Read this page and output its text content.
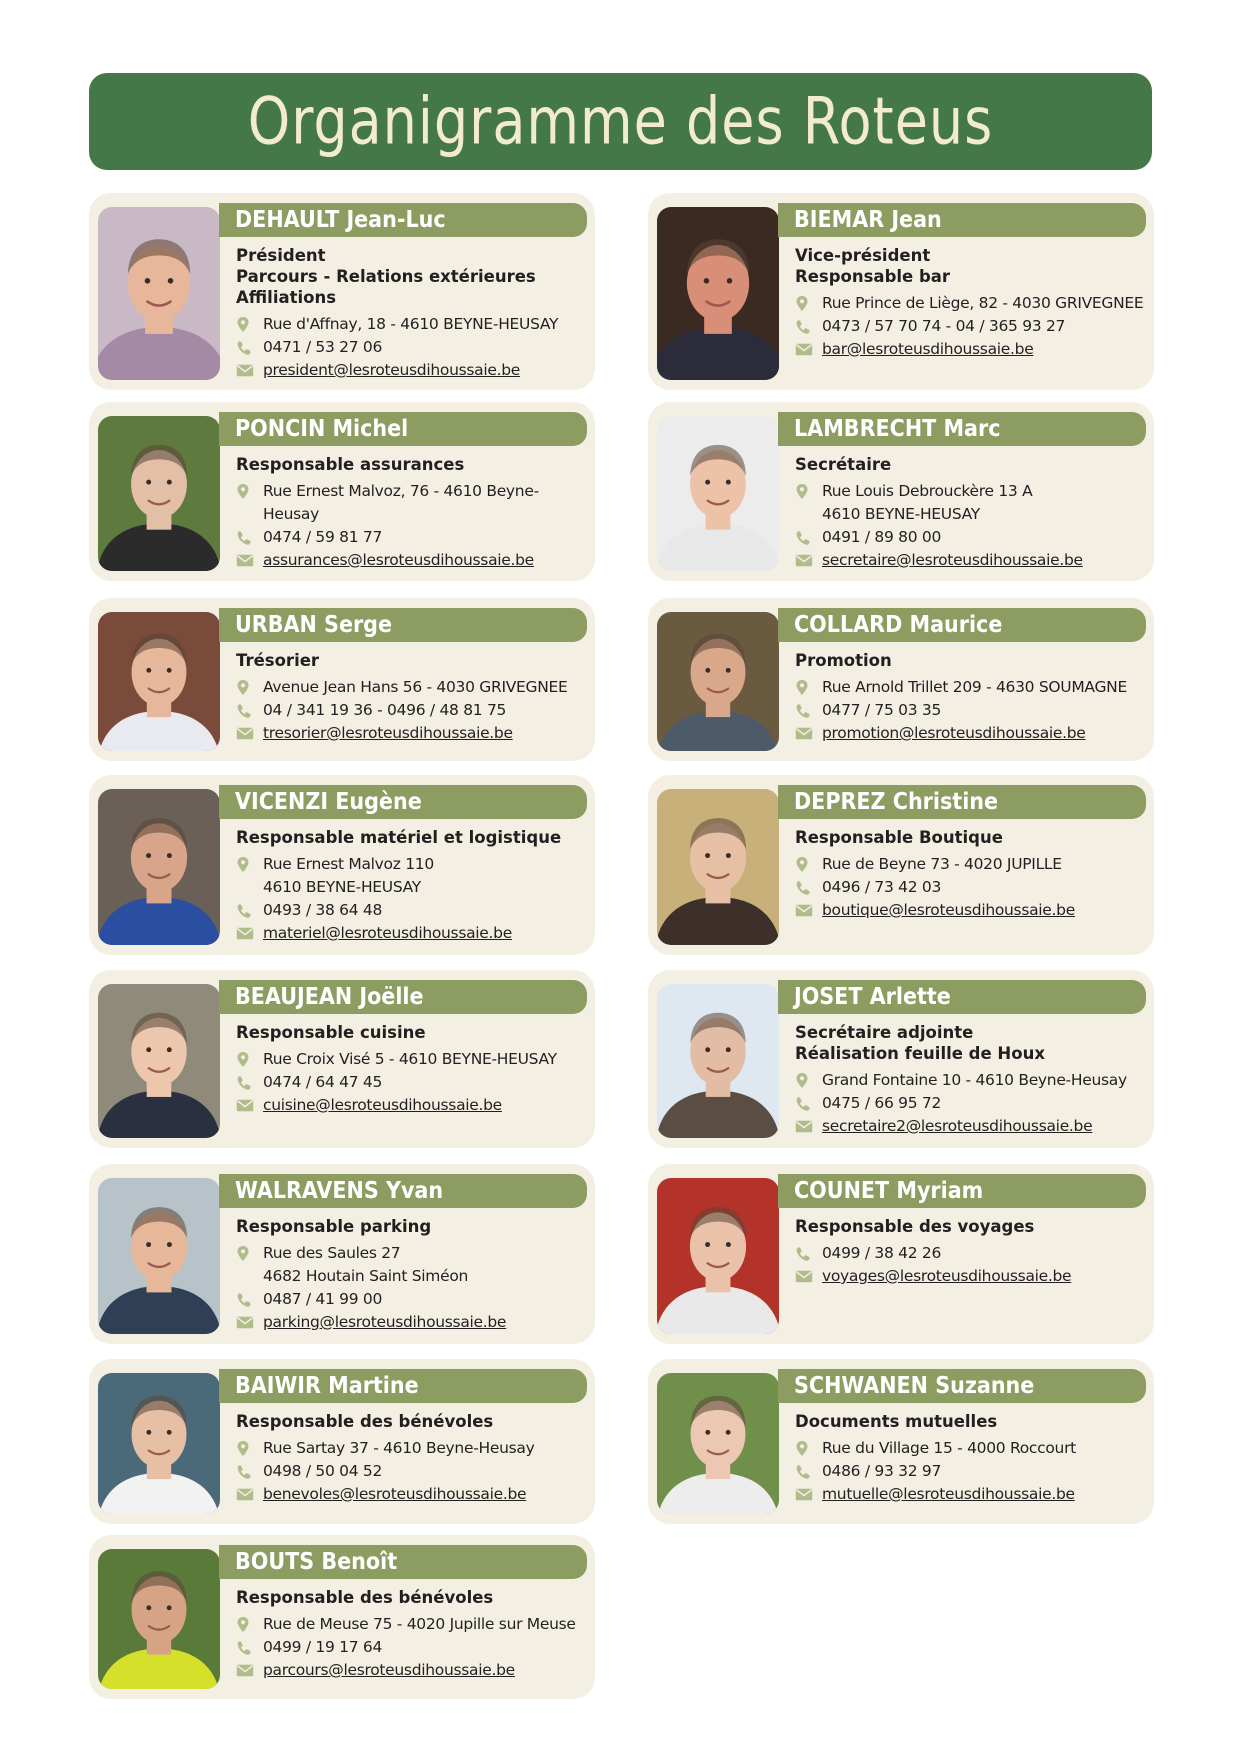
Organigramme des Roteus
DEHAULT Jean-Luc
Président
Parcours - Relations extérieures
Affiliations
Rue d'Affnay, 18 - 4610 BEYNE-HEUSAY
0471 / 53 27 06
president@lesroteusdihoussaie.be
BIEMAR Jean
Vice-président
Responsable bar
Rue Prince de Liège, 82 - 4030 GRIVEGNEE
0473 / 57 70 74 - 04 / 365 93 27
bar@lesroteusdihoussaie.be
PONCIN Michel
Responsable assurances
Rue Ernest Malvoz, 76 - 4610 Beyne-Heusay
0474 / 59 81 77
assurances@lesroteusdihoussaie.be
LAMBRECHT Marc
Secrétaire
Rue Louis Debrouckère 13 A
4610 BEYNE-HEUSAY
0491 / 89 80 00
secretaire@lesroteusdihoussaie.be
URBAN Serge
Trésorier
Avenue Jean Hans 56 - 4030 GRIVEGNEE
04 / 341 19 36 - 0496 / 48 81 75
tresorier@lesroteusdihoussaie.be
COLLARD Maurice
Promotion
Rue Arnold Trillet 209 - 4630 SOUMAGNE
0477 / 75 03 35
promotion@lesroteusdihoussaie.be
VICENZI Eugène
Responsable matériel et logistique
Rue Ernest Malvoz 110
4610 BEYNE-HEUSAY
0493 / 38 64 48
materiel@lesroteusdihoussaie.be
DEPREZ Christine
Responsable Boutique
Rue de Beyne 73 - 4020 JUPILLE
0496 / 73 42 03
boutique@lesroteusdihoussaie.be
BEAUJEAN Joëlle
Responsable cuisine
Rue Croix Visé 5 - 4610 BEYNE-HEUSAY
0474 / 64 47 45
cuisine@lesroteusdihoussaie.be
JOSET Arlette
Secrétaire adjointe
Réalisation feuille de Houx
Grand Fontaine 10 - 4610 Beyne-Heusay
0475 / 66 95 72
secretaire2@lesroteusdihoussaie.be
WALRAVENS Yvan
Responsable parking
Rue des Saules 27
4682 Houtain Saint Siméon
0487 / 41 99 00
parking@lesroteusdihoussaie.be
COUNET Myriam
Responsable des voyages
0499 / 38 42 26
voyages@lesroteusdihoussaie.be
BAIWIR Martine
Responsable des bénévoles
Rue Sartay 37 - 4610 Beyne-Heusay
0498 / 50 04 52
benevoles@lesroteusdihoussaie.be
SCHWANEN Suzanne
Documents mutuelles
Rue du Village 15 - 4000 Roccourt
0486 / 93 32 97
mutuelle@lesroteusdihoussaie.be
BOUTS Benoît
Responsable des bénévoles
Rue de Meuse 75 - 4020 Jupille sur Meuse
0499 / 19 17 64
parcours@lesroteusdihoussaie.be
